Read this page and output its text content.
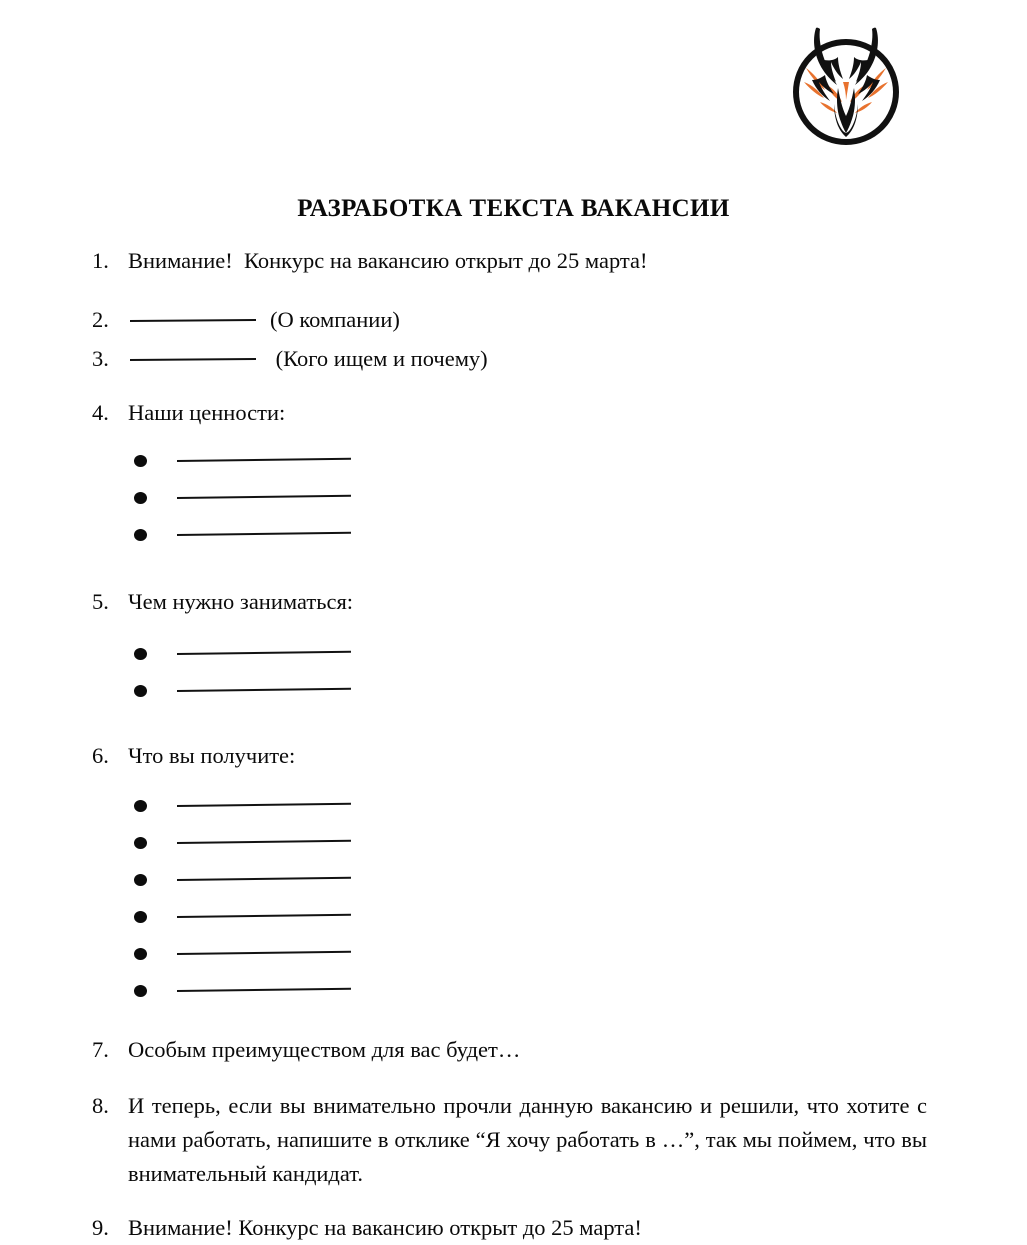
РАЗРАБОТКА ТЕКСТА ВАКАНСИИ
1. Внимание!  Конкурс на вакансию открыт до 25 марта!
2.	(О компании)
3.	(Кого ищем и почему)
4. Наши ценности:
5. Чем нужно заниматься:
6. Что вы получите:
7. Особым преимуществом для вас будет…
8. И теперь, если вы внимательно прочли данную вакансию и решили, что хотите с нами работать, напишите в отклике “Я хочу работать в …”, так мы поймем, что вы внимательный кандидат.
9. Внимание! Конкурс на вакансию открыт до 25 марта!
